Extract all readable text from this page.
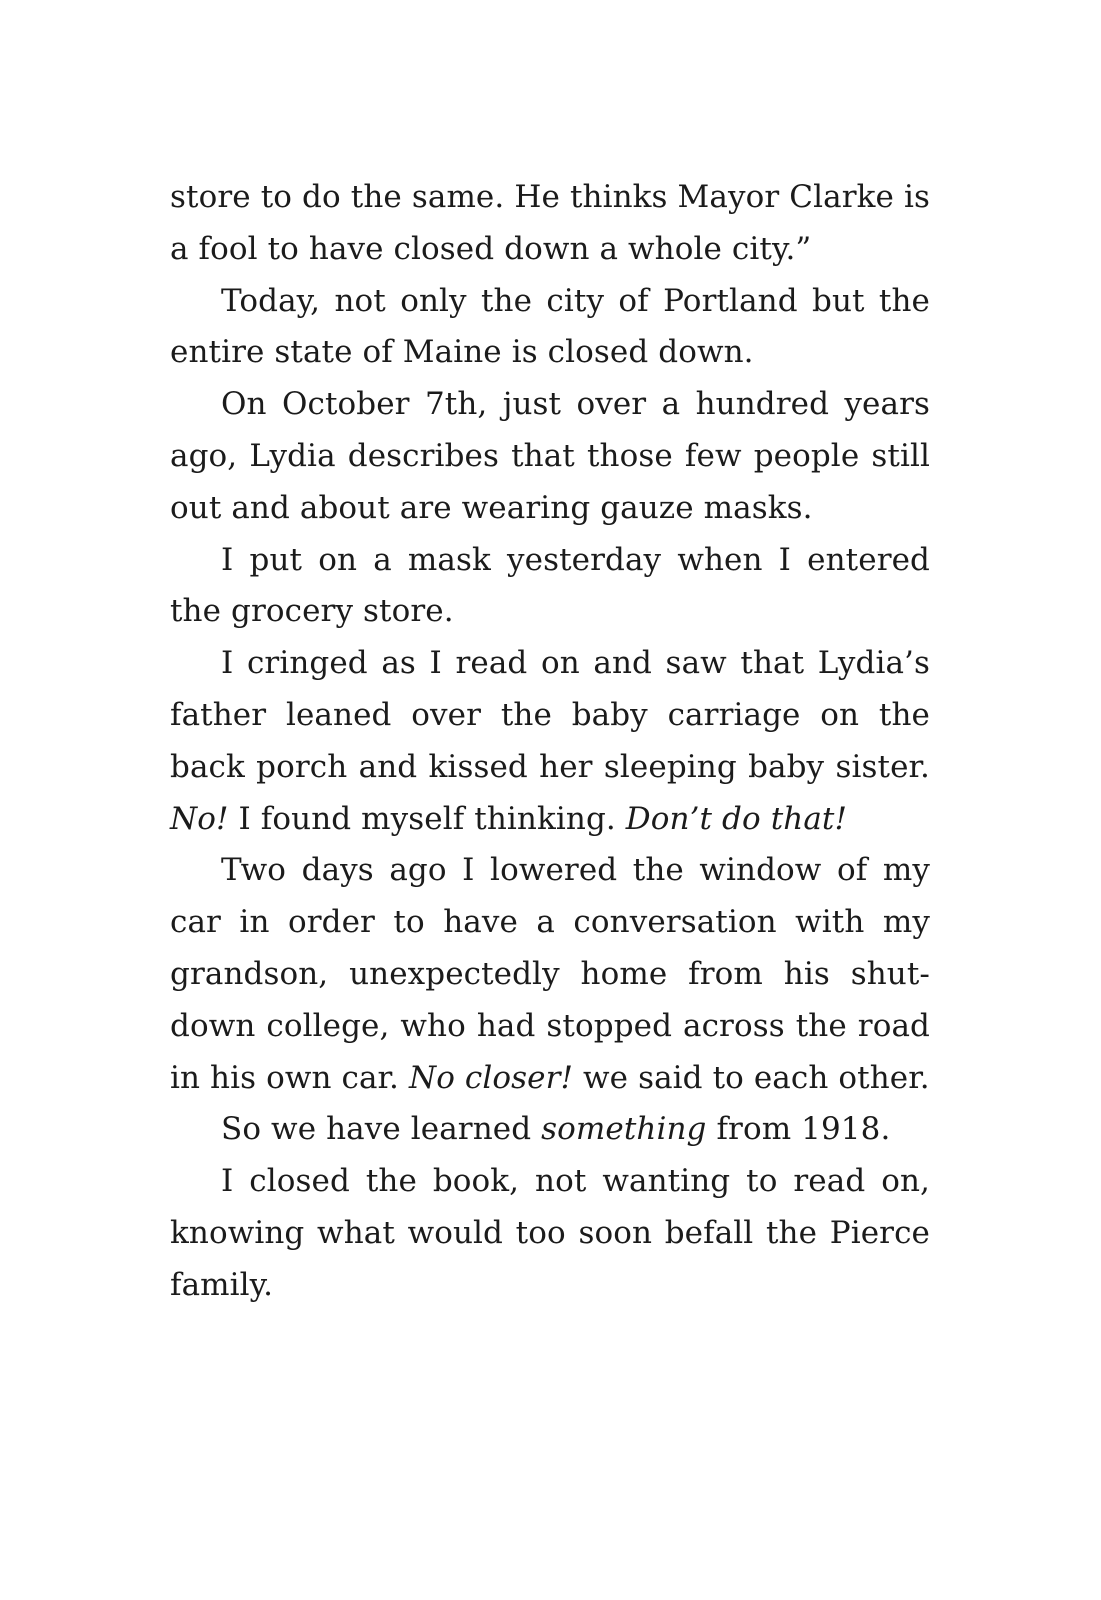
store to do the same. He thinks Mayor Clarke is a fool to have closed down a whole city.”

Today, not only the city of Portland but the entire state of Maine is closed down.

On October 7th, just over a hundred years ago, Lydia describes that those few people still out and about are wearing gauze masks.

I put on a mask yesterday when I entered the grocery store.

I cringed as I read on and saw that Lydia’s father leaned over the baby carriage on the back porch and kissed her sleeping baby sister. No! I found myself thinking. Don’t do that!

Two days ago I lowered the window of my car in order to have a conversation with my grandson, unexpectedly home from his shut-down college, who had stopped across the road in his own car. No closer! we said to each other.

So we have learned something from 1918.

I closed the book, not wanting to read on, knowing what would too soon befall the Pierce family.
